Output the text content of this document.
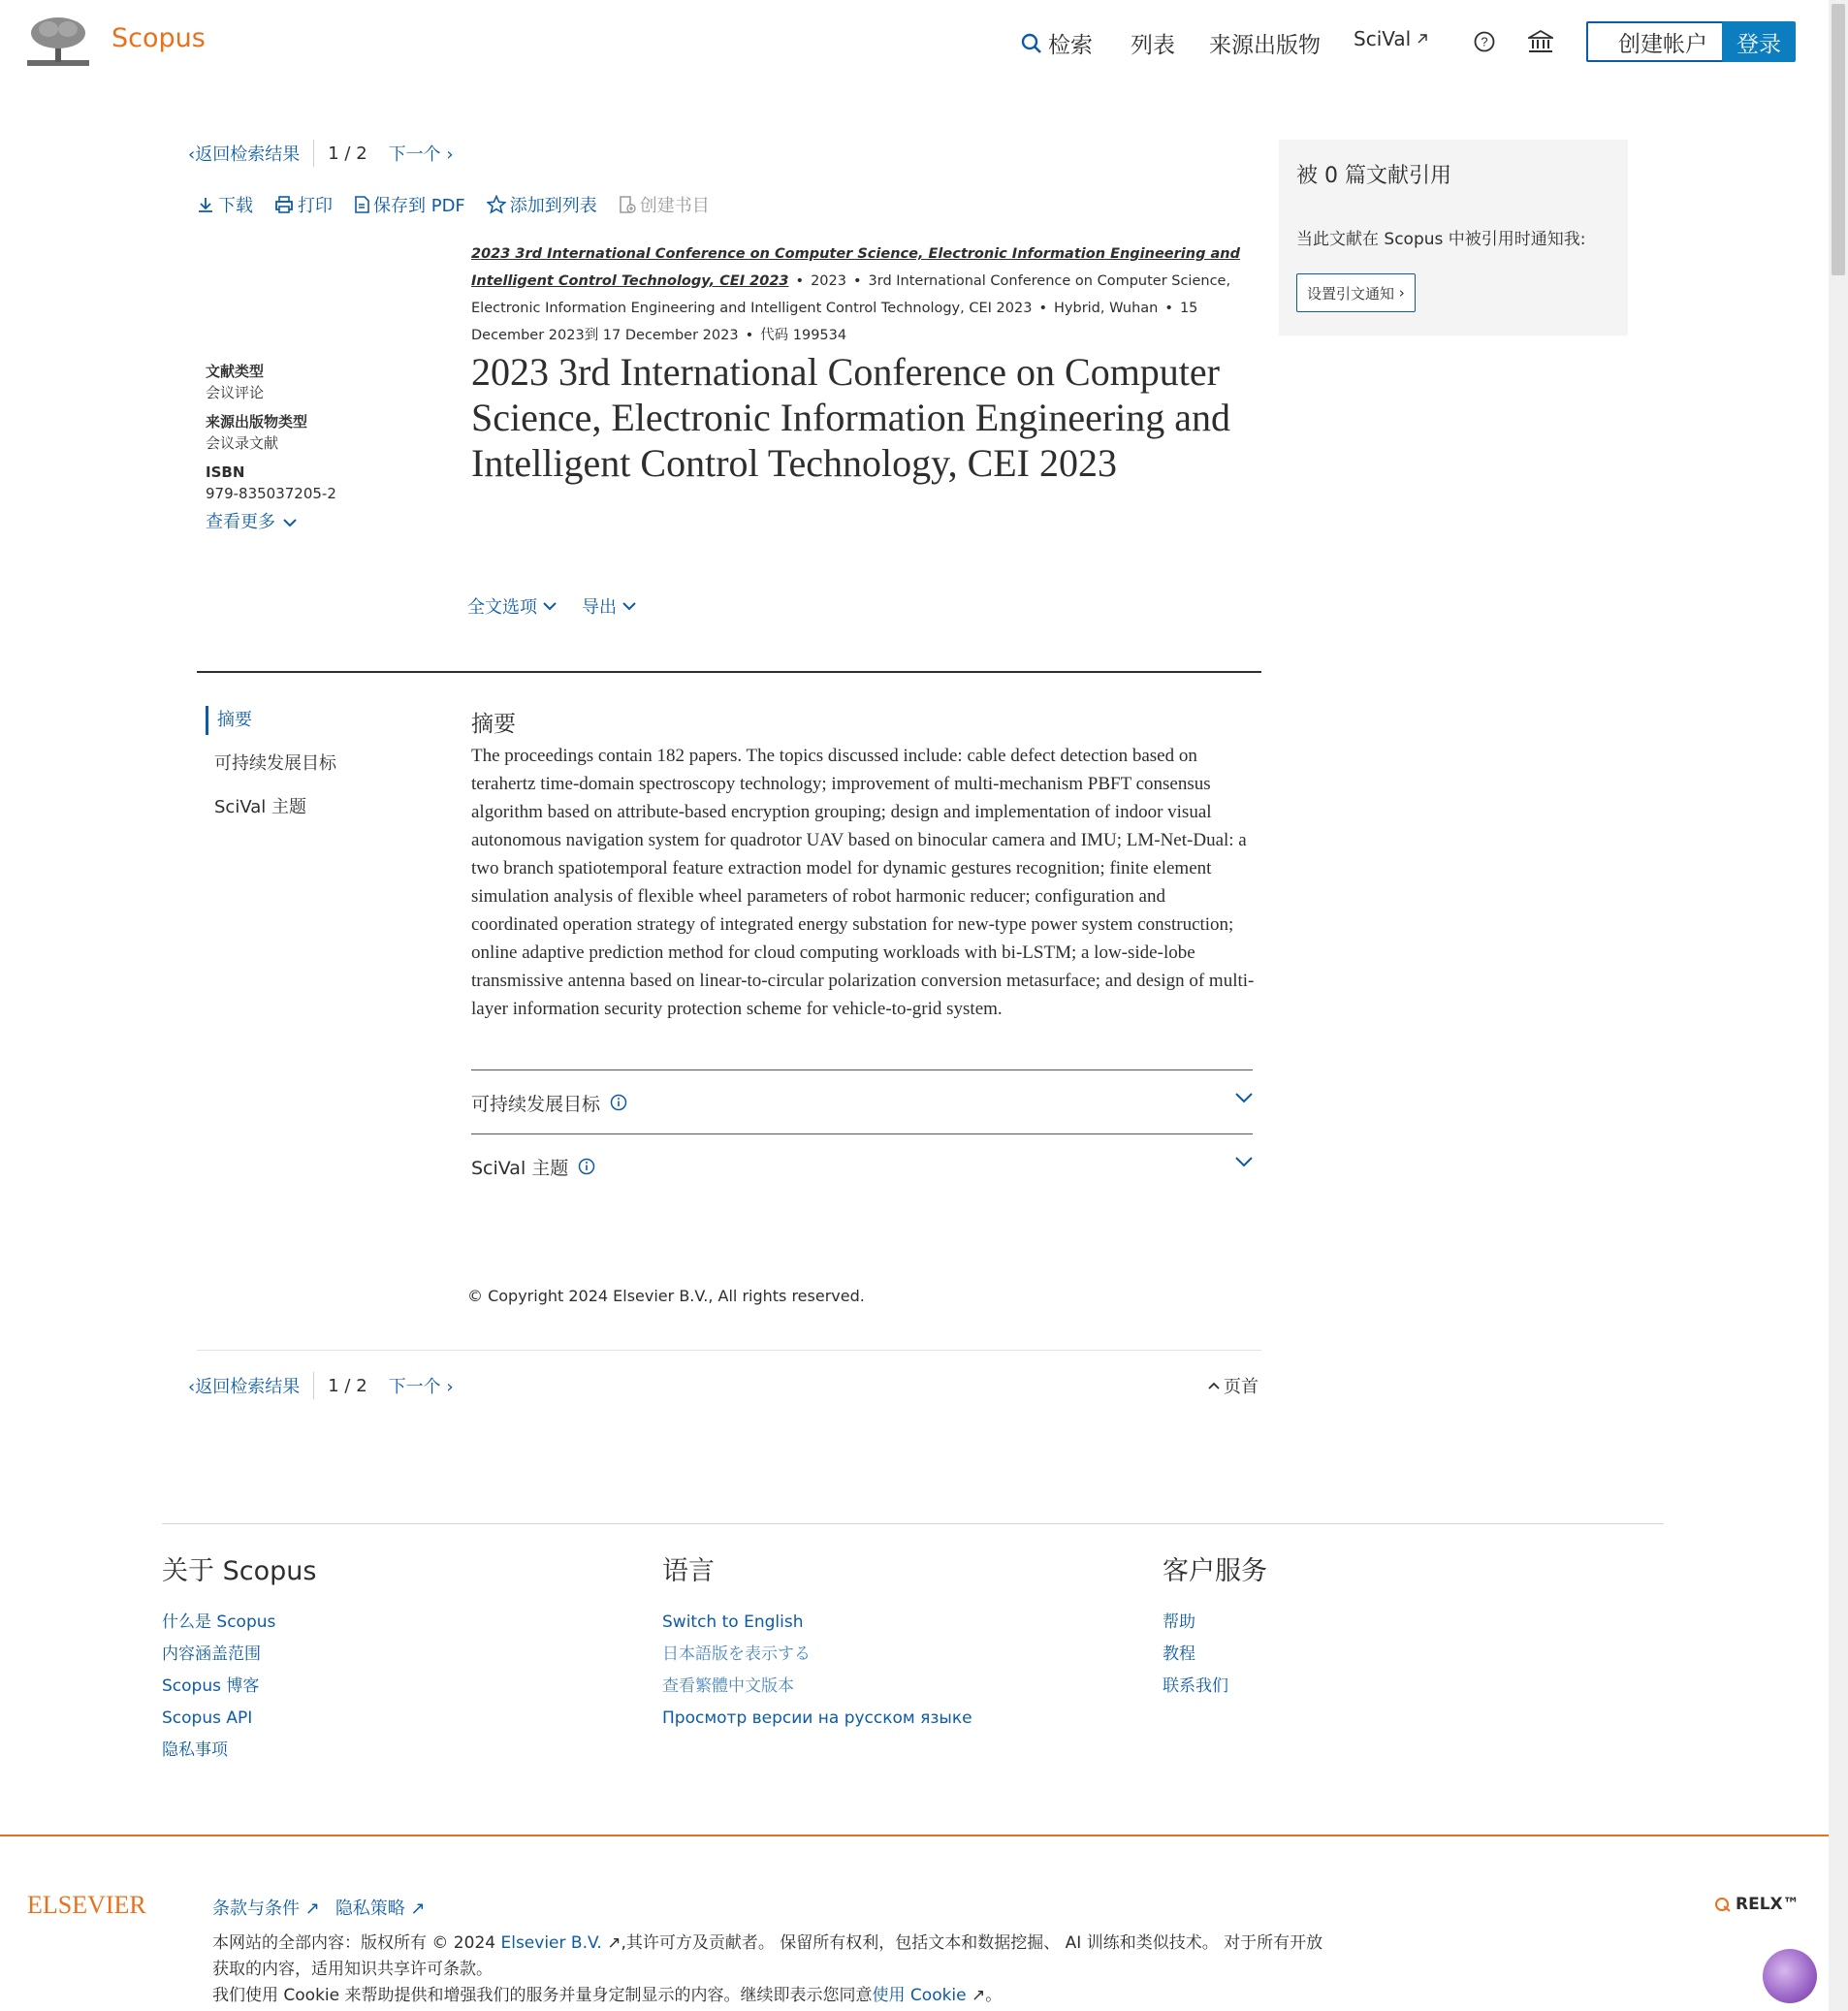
Scopus	检索 列表 来源出版物 SciVal	?	创建帐户	登录
‹返回检索结果 1 / 2 下一个 ›
下载	打印 保存到 PDF	添加到列表 创建书目
2023 3rd International Conference on Computer Science, Electronic Information Engineering and Intelligent Control Technology, CEI 2023 • 2023 • 3rd International Conference on Computer Science, Electronic Information Engineering and Intelligent Control Technology, CEI 2023 • Hybrid, Wuhan • 15 December 2023到 17 December 2023 • 代码 199534
文献类型
会议评论
来源出版物类型
会议录文献
ISBN
979-835037205-2
查看更多
2023 3rd International Conference on Computer Science, Electronic Information Engineering and Intelligent Control Technology, CEI 2023
全文选项	导出
摘要
可持续发展目标
SciVal 主题
摘要
The proceedings contain 182 papers. The topics discussed include: cable defect detection based on terahertz time-domain spectroscopy technology; improvement of multi-mechanism PBFT consensus algorithm based on attribute-based encryption grouping; design and implementation of indoor visual autonomous navigation system for quadrotor UAV based on binocular camera and IMU; LM-Net-Dual: a two branch spatiotemporal feature extraction model for dynamic gestures recognition; finite element simulation analysis of flexible wheel parameters of robot harmonic reducer; configuration and coordinated operation strategy of integrated energy substation for new-type power system construction; online adaptive prediction method for cloud computing workloads with bi-LSTM; a low-side-lobe transmissive antenna based on linear-to-circular polarization conversion metasurface; and design of multi-layer information security protection scheme for vehicle-to-grid system.
可持续发展目标
SciVal 主题
© Copyright 2024 Elsevier B.V., All rights reserved.
‹返回检索结果 1 / 2 下一个 ›	页首
被 0 篇文献引用
当此文献在 Scopus 中被引用时通知我:
设置引文通知 ›
关于 Scopus
什么是 Scopus
内容涵盖范围
Scopus 博客
Scopus API
隐私事项
语言
Switch to English
日本語版を表示する
查看繁體中文版本
Просмотр версии на русском языке
客户服务
帮助
教程
联系我们
ELSEVIER	条款与条件 ↗ 隐私策略 ↗
本网站的全部内容：版权所有 © 2024 Elsevier B.V. ↗,其许可方及贡献者。 保留所有权利，包括文本和数据挖掘、 AI 训练和类似技术。 对于所有开放
获取的内容，适用知识共享许可条款。
我们使用 Cookie 来帮助提供和增强我们的服务并量身定制显示的内容。继续即表示您同意使用 Cookie ↗。
RELX™
